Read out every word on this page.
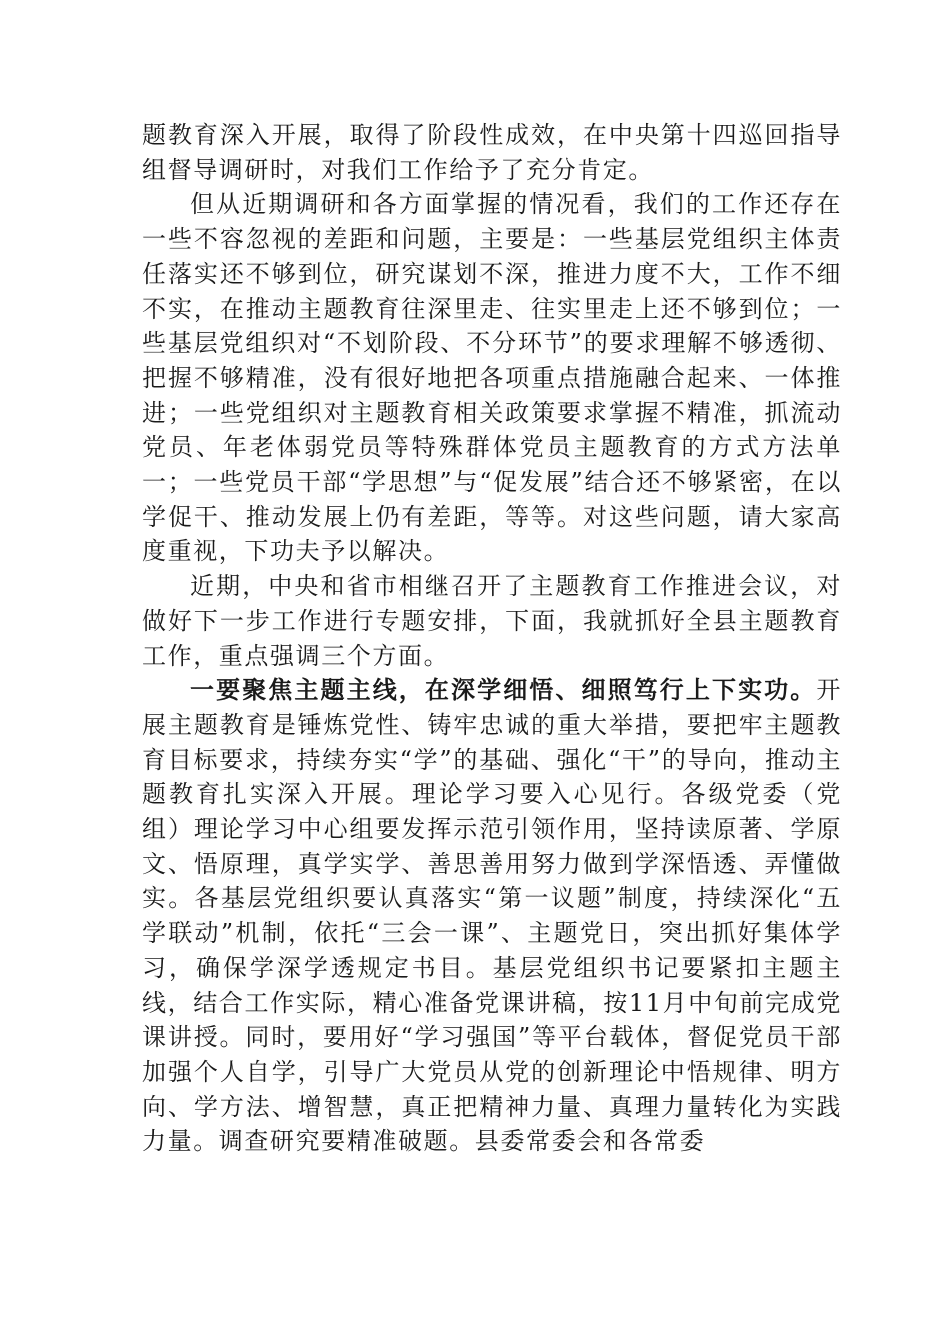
题教育深入开展，取得了阶段性成效，在中央第十四巡回指导组督导调研时，对我们工作给予了充分肯定。

但从近期调研和各方面掌握的情况看，我们的工作还存在一些不容忽视的差距和问题，主要是：一些基层党组织主体责任落实还不够到位，研究谋划不深，推进力度不大，工作不细不实，在推动主题教育往深里走、往实里走上还不够到位；一些基层党组织对“不划阶段、不分环节”的要求理解不够透彻、把握不够精准，没有很好地把各项重点措施融合起来、一体推进；一些党组织对主题教育相关政策要求掌握不精准，抓流动党员、年老体弱党员等特殊群体党员主题教育的方式方法单一；一些党员干部“学思想”与“促发展”结合还不够紧密，在以学促干、推动发展上仍有差距，等等。对这些问题，请大家高度重视，下功夫予以解决。

近期，中央和省市相继召开了主题教育工作推进会议，对做好下一步工作进行专题安排，下面，我就抓好全县主题教育工作，重点强调三个方面。

一要聚焦主题主线，在深学细悟、细照笃行上下实功。开展主题教育是锤炼党性、铸牢忠诚的重大举措，要把牢主题教育目标要求，持续夯实“学”的基础、强化“干”的导向，推动主题教育扎实深入开展。理论学习要入心见行。各级党委（党组）理论学习中心组要发挥示范引领作用，坚持读原著、学原文、悟原理，真学实学、善思善用努力做到学深悟透、弄懂做实。各基层党组织要认真落实“第一议题”制度，持续深化“五学联动”机制，依托“三会一课”、主题党日，突出抓好集体学习，确保学深学透规定书目。基层党组织书记要紧扣主题主线，结合工作实际，精心准备党课讲稿，按11月中旬前完成党课讲授。同时，要用好“学习强国”等平台载体，督促党员干部加强个人自学，引导广大党员从党的创新理论中悟规律、明方向、学方法、增智慧，真正把精神力量、真理力量转化为实践力量。调查研究要精准破题。县委常委会和各常委
